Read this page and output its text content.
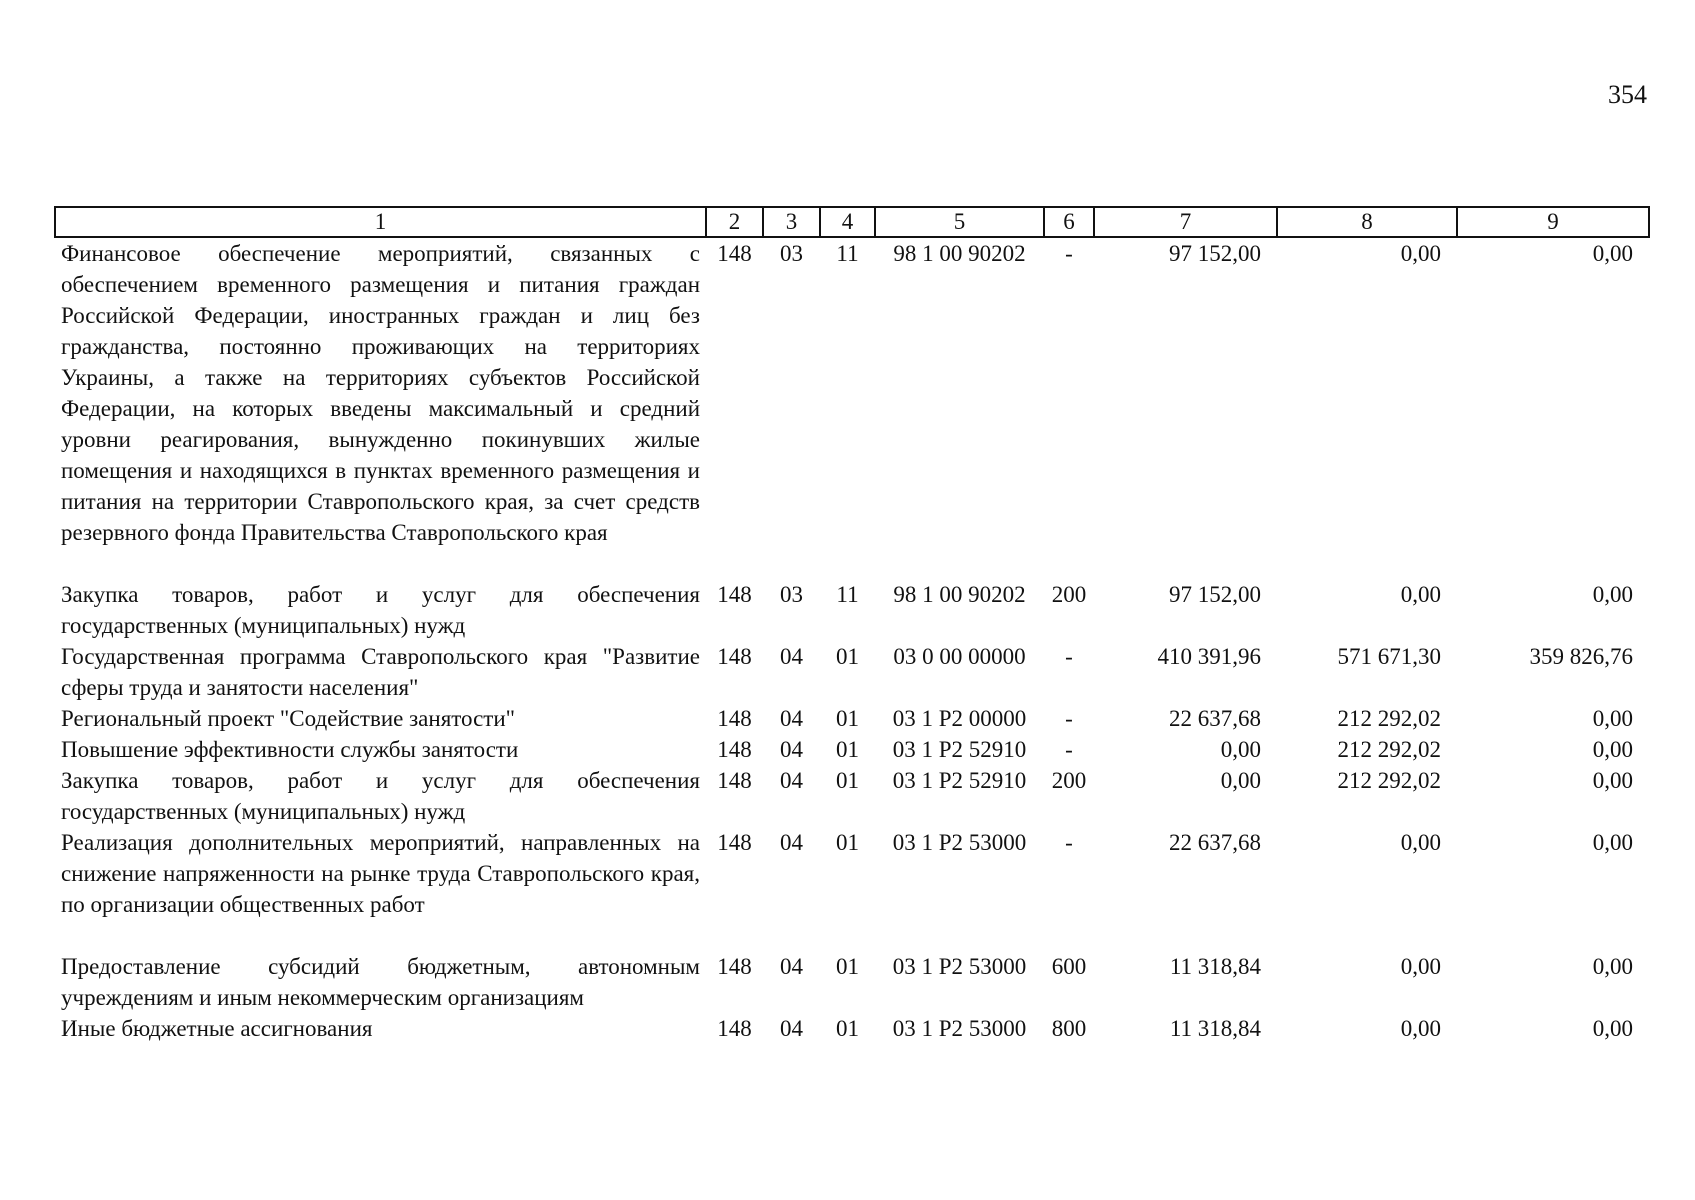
354
1	2	3	4	5	6	7	8	9
Финансовое обеспечение мероприятий, связанных с обеспечением временного размещения и питания граждан Российской Федерации, иностранных граждан и лиц без гражданства, постоянно проживающих на территориях Украины, а также на территориях субъектов Российской Федерации, на которых введены максимальный и средний уровни реагирования, вынужденно покинувших жилые помещения и находящихся в пунктах временного размещения и питания на территории Ставропольского края, за счет средств резервного фонда Правительства Ставропольского края	148	03	11	98 1 00 90202	-	97 152,00	0,00	0,00
Закупка товаров, работ и услуг для обеспечения государственных (муниципальных) нужд	148	03	11	98 1 00 90202	200	97 152,00	0,00	0,00
Государственная программа Ставропольского края "Развитие сферы труда и занятости населения"	148	04	01	03 0 00 00000	-	410 391,96	571 671,30	359 826,76
Региональный проект "Содействие занятости"	148	04	01	03 1 P2 00000	-	22 637,68	212 292,02	0,00
Повышение эффективности службы занятости	148	04	01	03 1 P2 52910	-	0,00	212 292,02	0,00
Закупка товаров, работ и услуг для обеспечения государственных (муниципальных) нужд	148	04	01	03 1 P2 52910	200	0,00	212 292,02	0,00
Реализация дополнительных мероприятий, направленных на снижение напряженности на рынке труда Ставропольского края, по организации общественных работ	148	04	01	03 1 P2 53000	-	22 637,68	0,00	0,00
Предоставление субсидий бюджетным, автономным учреждениям и иным некоммерческим организациям	148	04	01	03 1 P2 53000	600	11 318,84	0,00	0,00
Иные бюджетные ассигнования	148	04	01	03 1 P2 53000	800	11 318,84	0,00	0,00
